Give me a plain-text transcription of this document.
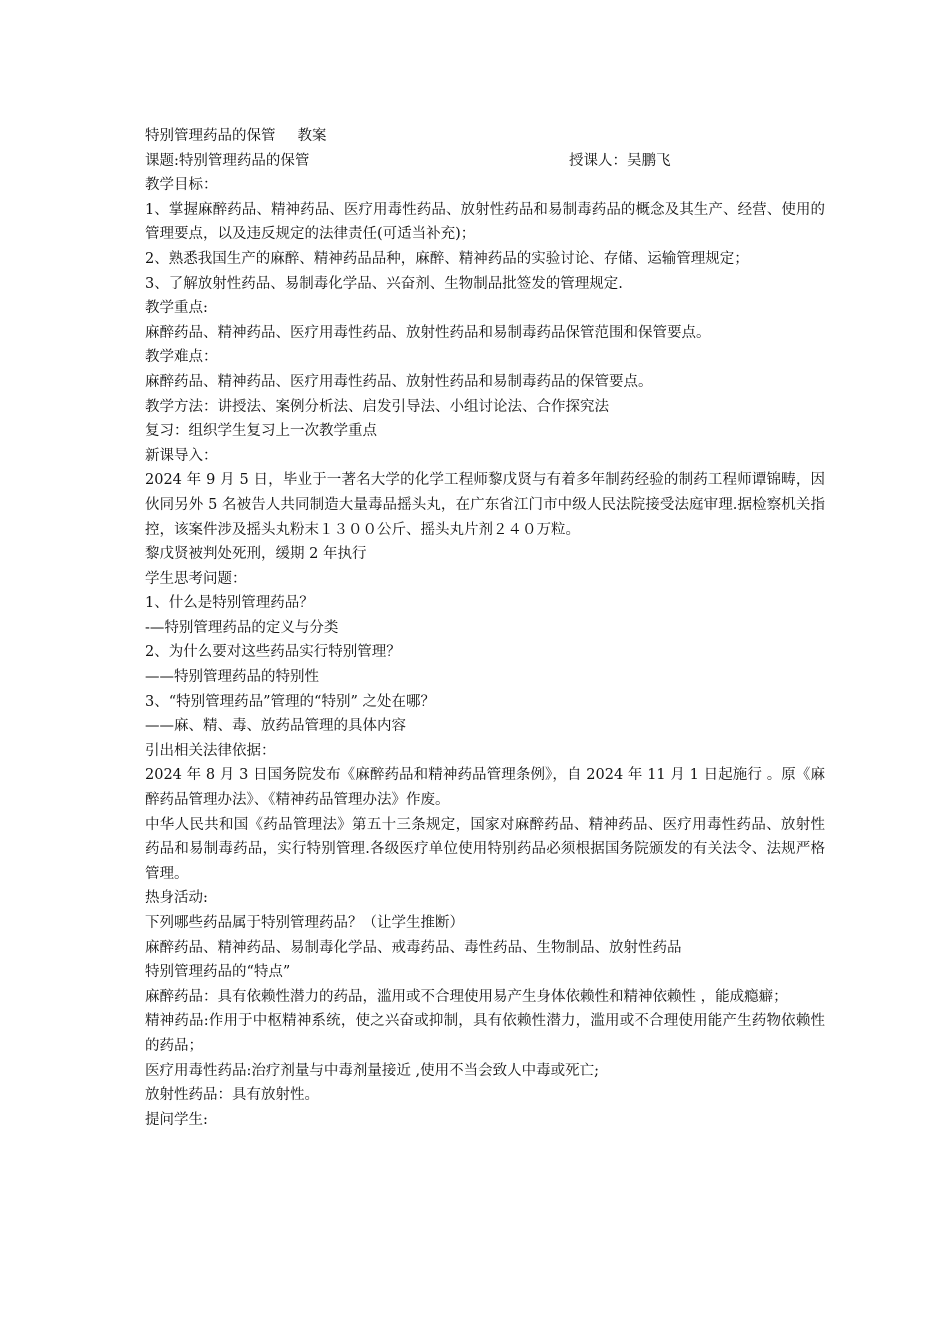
特别管理药品的保管 教案
课题:特别管理药品的保管	授课人：吴鹏飞
教学目标：
1、掌握麻醉药品、精神药品、医疗用毒性药品、放射性药品和易制毒药品的概念及其生产、经营、使用的管理要点，以及违反规定的法律责任(可适当补充)；
2、熟悉我国生产的麻醉、精神药品品种，麻醉、精神药品的实验讨论、存储、运输管理规定；
3、了解放射性药品、易制毒化学品、兴奋剂、生物制品批签发的管理规定.
教学重点:
麻醉药品、精神药品、医疗用毒性药品、放射性药品和易制毒药品保管范围和保管要点。
教学难点：
麻醉药品、精神药品、医疗用毒性药品、放射性药品和易制毒药品的保管要点。
教学方法：讲授法、案例分析法、启发引导法、小组讨论法、合作探究法
复习：组织学生复习上一次教学重点
新课导入：
2024 年 9 月 5 日，毕业于一著名大学的化学工程师黎戊贤与有着多年制药经验的制药工程师谭锦畴，因伙同另外 5 名被告人共同制造大量毒品摇头丸，在广东省江门市中级人民法院接受法庭审理.据检察机关指控，该案件涉及摇头丸粉末１３００公斤、摇头丸片剂２４０万粒。
黎戊贤被判处死刑，缓期 2 年执行
学生思考问题：
1、什么是特别管理药品？
-—特别管理药品的定义与分类
2、为什么要对这些药品实行特别管理？
——特别管理药品的特别性
3、“特别管理药品”管理的“特别” 之处在哪？
——麻、精、毒、放药品管理的具体内容
引出相关法律依据：
2024 年 8 月 3 日国务院发布《麻醉药品和精神药品管理条例》，自 2024 年 11 月 1 日起施行 。原《麻醉药品管理办法》、《精神药品管理办法》作废。
中华人民共和国《药品管理法》第五十三条规定，国家对麻醉药品、精神药品、医疗用毒性药品、放射性药品和易制毒药品，实行特别管理.各级医疗单位使用特别药品必须根据国务院颁发的有关法令、法规严格管理。
热身活动:
下列哪些药品属于特别管理药品？（让学生推断）
麻醉药品、精神药品、易制毒化学品、戒毒药品、毒性药品、生物制品、放射性药品
特别管理药品的“特点”
麻醉药品：具有依赖性潜力的药品，滥用或不合理使用易产生身体依赖性和精神依赖性 ，能成瘾癖；
精神药品:作用于中枢精神系统，使之兴奋或抑制，具有依赖性潜力，滥用或不合理使用能产生药物依赖性的药品；
医疗用毒性药品:治疗剂量与中毒剂量接近 ,使用不当会致人中毒或死亡;
放射性药品：具有放射性。
提问学生:
